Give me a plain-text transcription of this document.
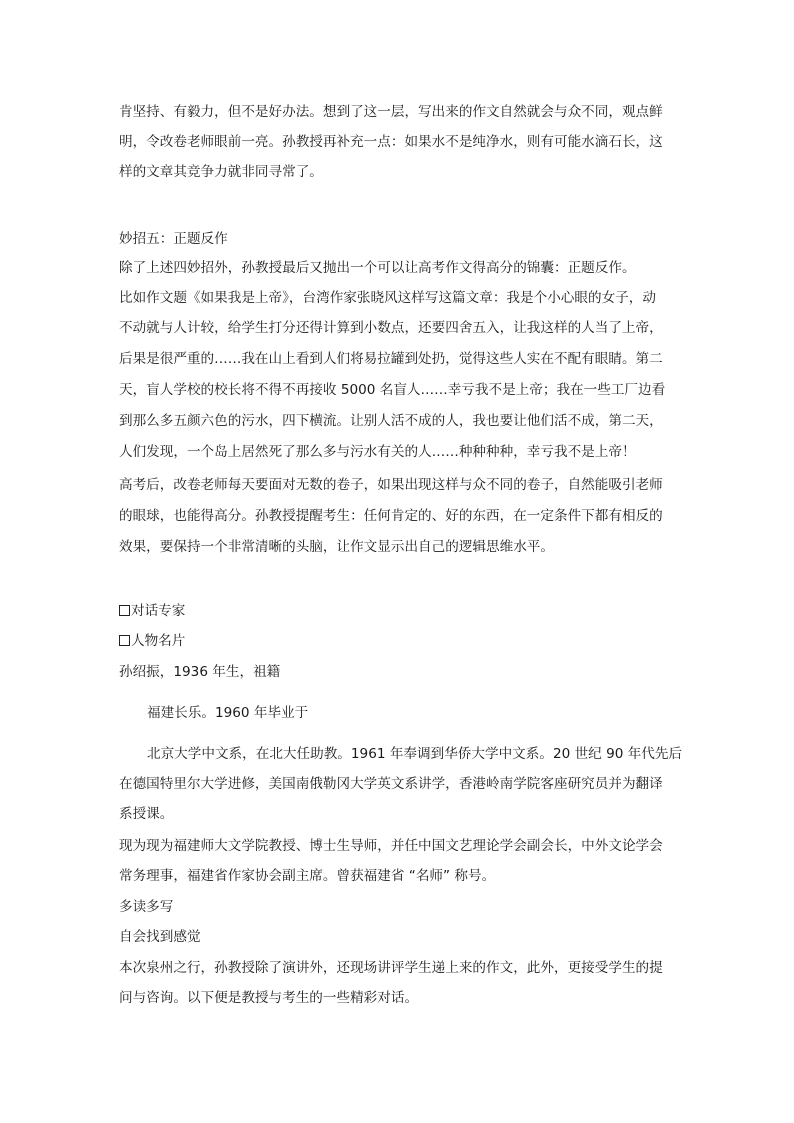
肯坚持、有毅力，但不是好办法。想到了这一层，写出来的作文自然就会与众不同，观点鲜
明，令改卷老师眼前一亮。孙教授再补充一点：如果水不是纯净水，则有可能水滴石长，这
样的文章其竞争力就非同寻常了。
妙招五：正题反作
除了上述四妙招外，孙教授最后又抛出一个可以让高考作文得高分的锦囊：正题反作。
比如作文题《如果我是上帝》，台湾作家张晓风这样写这篇文章：我是个小心眼的女子，动
不动就与人计较，给学生打分还得计算到小数点，还要四舍五入，让我这样的人当了上帝，
后果是很严重的……我在山上看到人们将易拉罐到处扔，觉得这些人实在不配有眼睛。第二
天，盲人学校的校长将不得不再接收 5000 名盲人……幸亏我不是上帝；我在一些工厂边看
到那么多五颜六色的污水，四下横流。让别人活不成的人，我也要让他们活不成，第二天，
人们发现，一个岛上居然死了那么多与污水有关的人……种种种种，幸亏我不是上帝！
高考后，改卷老师每天要面对无数的卷子，如果出现这样与众不同的卷子，自然能吸引老师
的眼球，也能得高分。孙教授提醒考生：任何肯定的、好的东西，在一定条件下都有相反的
效果，要保持一个非常清晰的头脑，让作文显示出自己的逻辑思维水平。
对话专家
人物名片
孙绍振，1936 年生，祖籍
福建长乐。1960 年毕业于
北京大学中文系，在北大任助教。1961 年奉调到华侨大学中文系。20 世纪 90 年代先后
在德国特里尔大学进修，美国南俄勒冈大学英文系讲学，香港岭南学院客座研究员并为翻译
系授课。
现为现为福建师大文学院教授、博士生导师，并任中国文艺理论学会副会长，中外文论学会
常务理事，福建省作家协会副主席。曾获福建省 “名师” 称号。
多读多写
自会找到感觉
本次泉州之行，孙教授除了演讲外，还现场讲评学生递上来的作文，此外，更接受学生的提
问与咨询。以下便是教授与考生的一些精彩对话。
